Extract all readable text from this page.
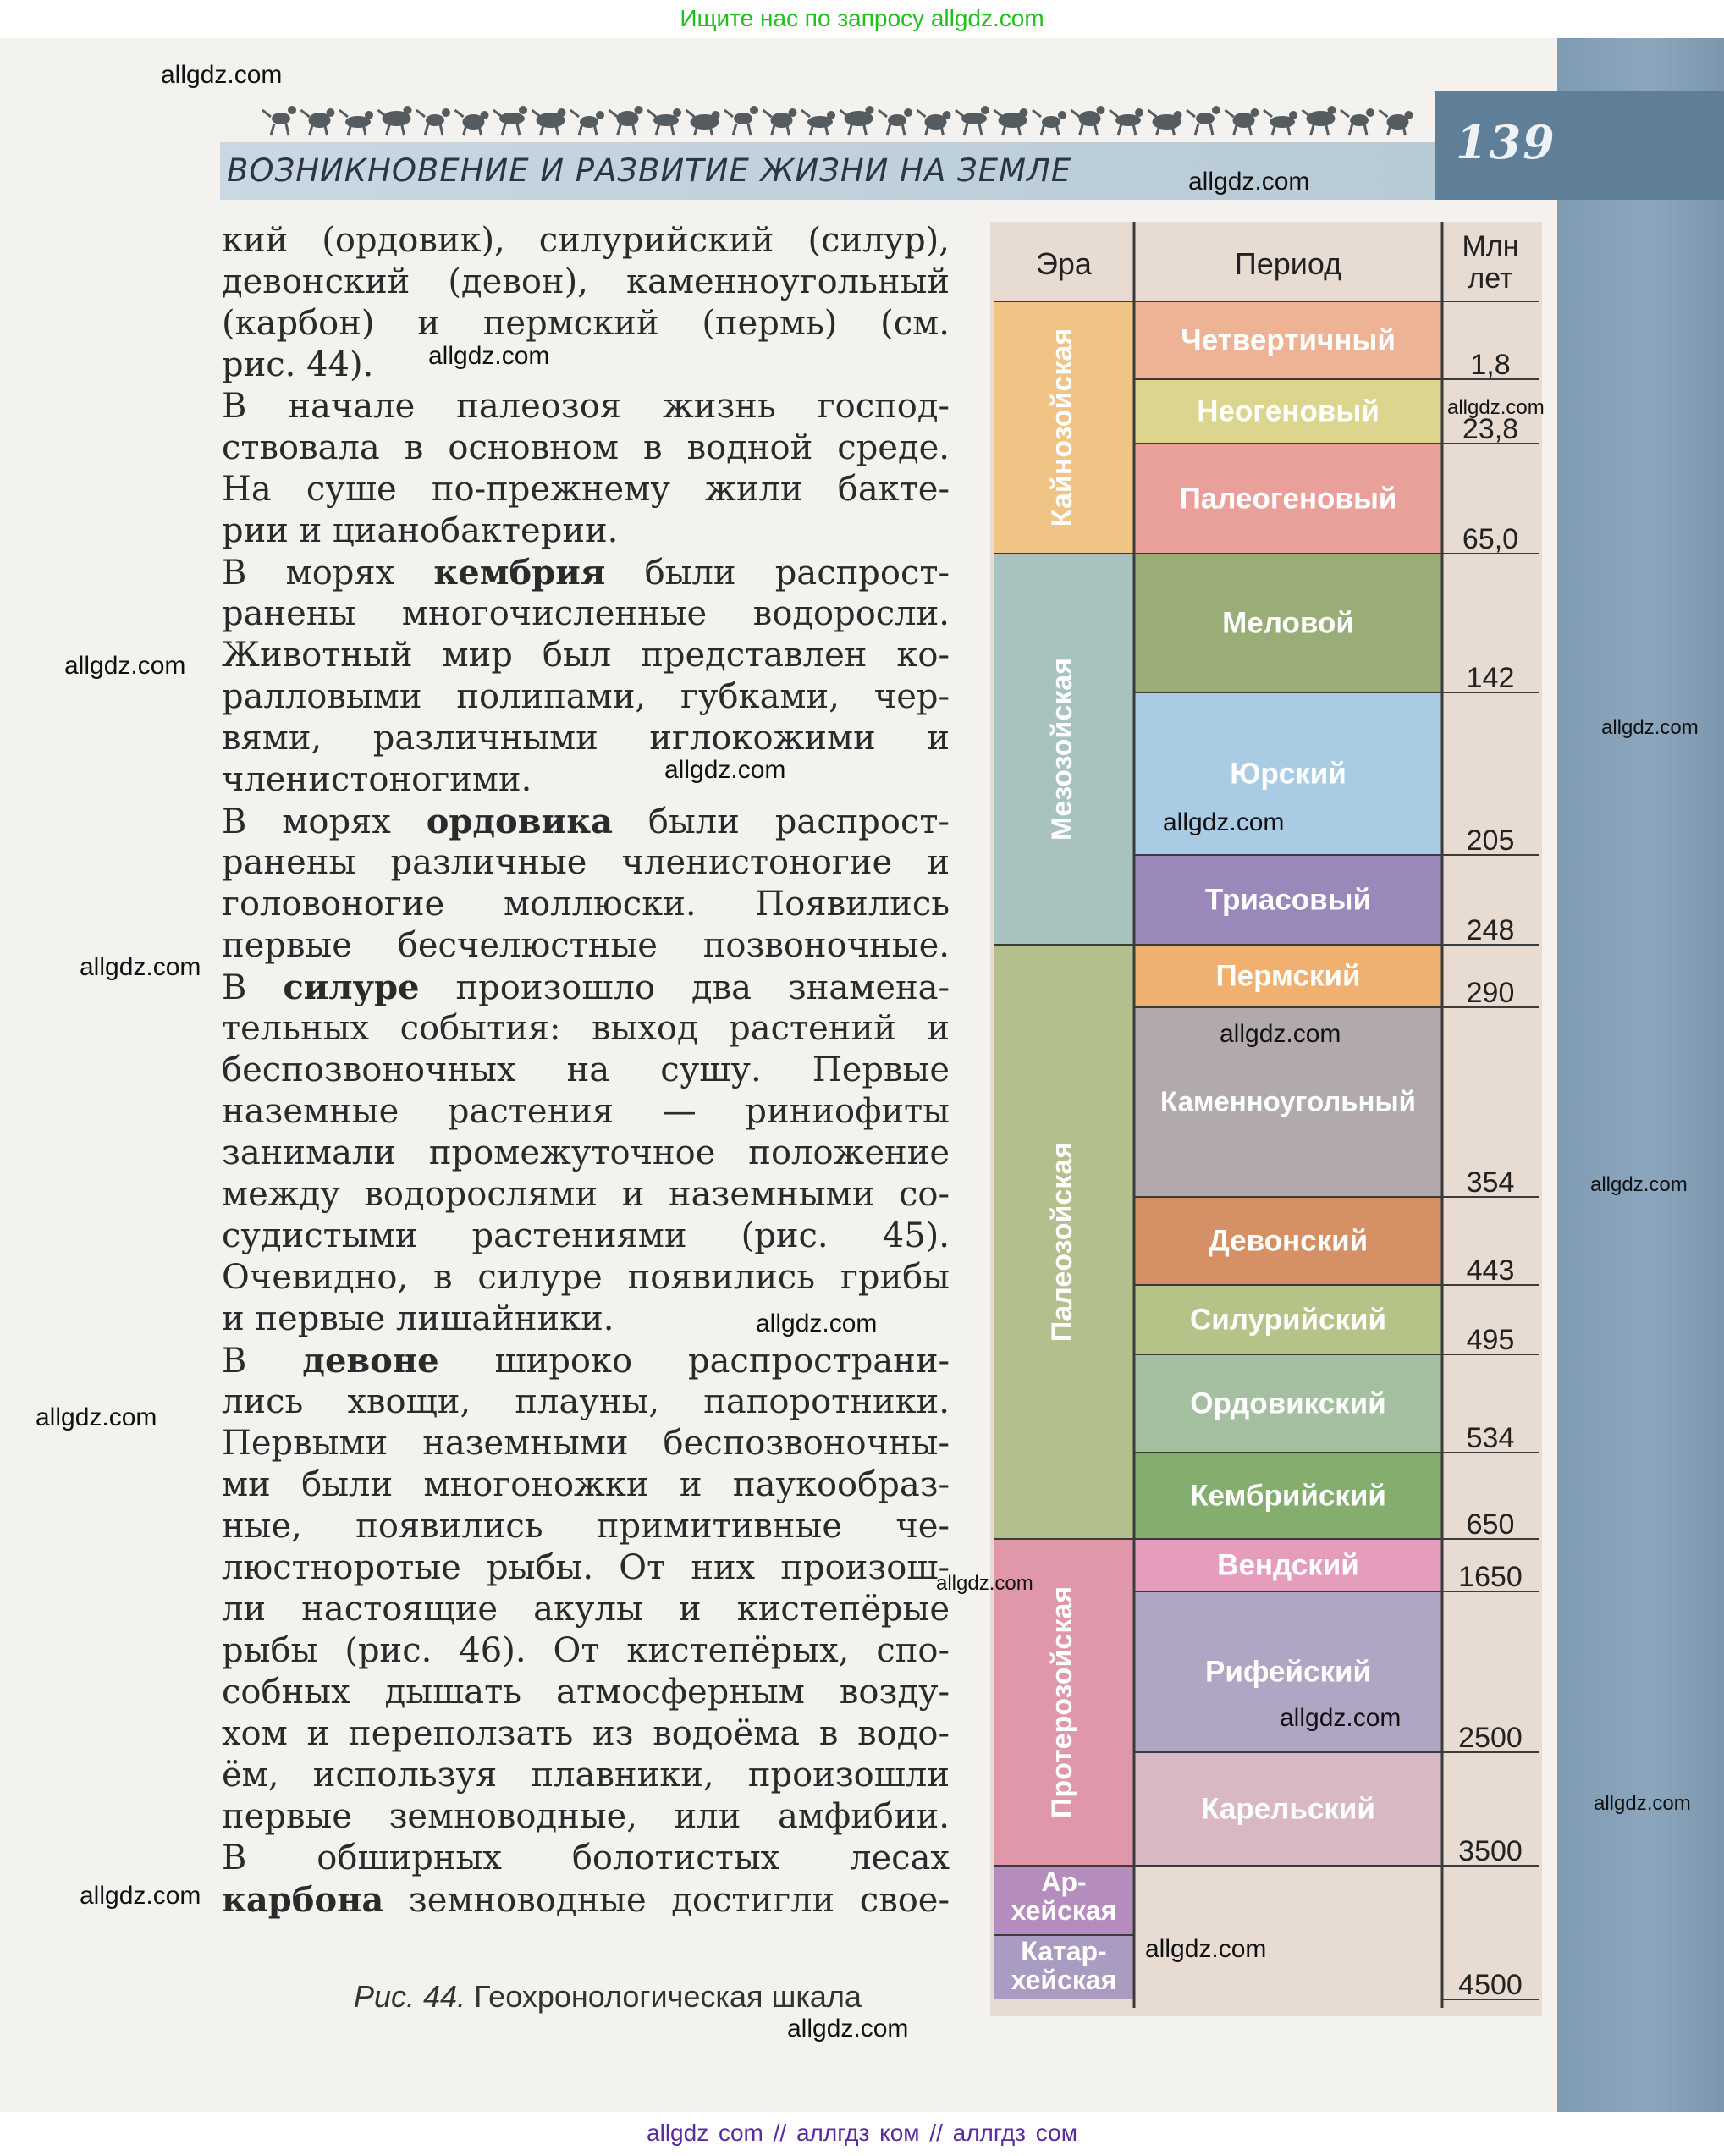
139
Ищите нас по запросу allgdz.com
ВОЗНИКНОВЕНИЕ И РАЗВИТИЕ ЖИЗНИ НА ЗЕМЛЕ
кий (ордовик), силурийский (силур),
девонский (девон), каменноугольный
(карбон) и пермский (пермь) (см.
рис. 44).
В начале палеозоя жизнь господ-
ствовала в основном в водной среде.
На суше по-прежнему жили бакте-
рии и цианобактерии.
В морях кембрия были распрост-
ранены многочисленные водоросли.
Животный мир был представлен ко-
ралловыми полипами, губками, чер-
вями, различными иглокожими и
членистоногими.
В морях ордовика были распрост-
ранены различные членистоногие и
головоногие моллюски. Появились
первые бесчелюстные позвоночные.
В силуре произошло два знамена-
тельных события: выход растений и
беспозвоночных на сушу. Первые
наземные растения — риниофиты
занимали промежуточное положение
между водорослями и наземными со-
судистыми растениями (рис. 45).
Очевидно, в силуре появились грибы
и первые лишайники.
В девоне широко распространи-
лись хвощи, плауны, папоротники.
Первыми наземными беспозвоночны-
ми были многоножки и паукообраз-
ные, появились примитивные че-
люстноротые рыбы. От них произош-
ли настоящие акулы и кистепёрые
рыбы (рис. 46). От кистепёрых, спо-
собных дышать атмосферным возду-
хом и переползать из водоёма в водо-
ём, используя плавники, произошли
первые земноводные, или амфибии.
В обширных болотистых лесах
карбона земноводные достигли свое-
Эра	Период	Млн лет
Кайнозойская
Мезозойская
Палеозойская
Протерозойская
Четвертичный
Неогеновый
Палеогеновый
Меловой
Юрский
Триасовый
Пермский
Каменноугольный
Девонский
Силурийский
Ордовикский
Кембрийский
Вендский
Рифейский
Карельский
Ар-хейская
Катар-хейская
1,8
23,8
65,0
142
205
248
290
354
443
495
534
650
1650
2500
3500
4500
Рис. 44. Геохронологическая шкала
allgdz.com
allgdz.com
allgdz.com
allgdz.com
allgdz.com
allgdz.com
allgdz.com
allgdz.com
allgdz.com
allgdz.com
allgdz.com
allgdz.com
allgdz.com
allgdz.com
allgdz.com
allgdz.com
allgdz.com
allgdz.com
allgdz.com
allgdz com // аллгдз ком // аллгдз сом
